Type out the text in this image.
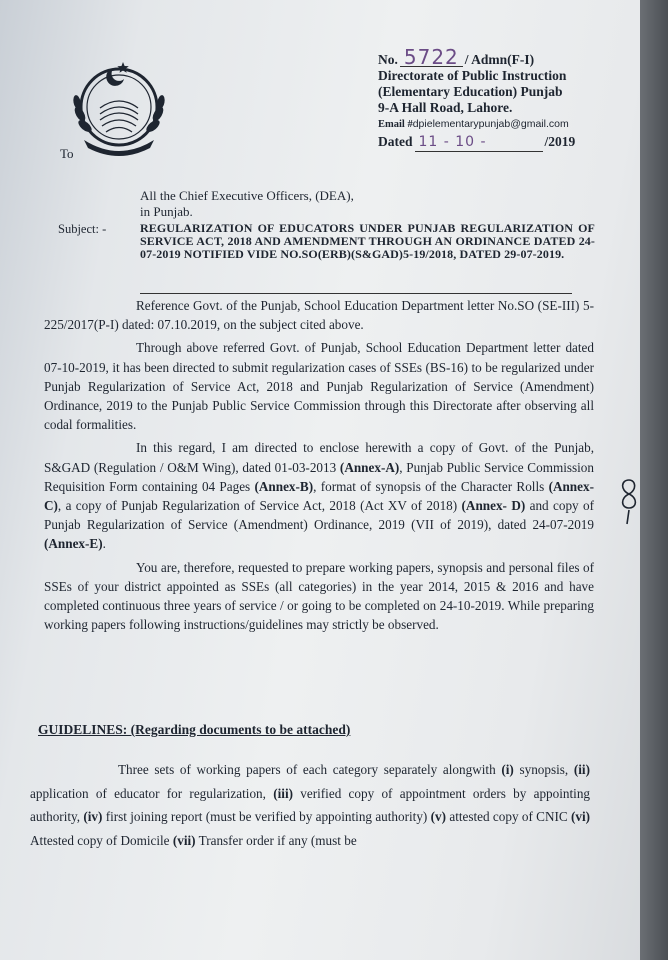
No. 5722 / Admn(F-I)
Directorate of Public Instruction
(Elementary Education) Punjab
9-A Hall Road, Lahore.
Email #dpielementarypunjab@gmail.com
Dated 11 - 10 -	/2019
To
All the Chief Executive Officers, (DEA),
in Punjab.
Subject: -	REGULARIZATION OF EDUCATORS UNDER PUNJAB REGULARIZATION OF SERVICE ACT, 2018 AND AMENDMENT THROUGH AN ORDINANCE DATED 24-07-2019 NOTIFIED VIDE NO.SO(ERB)(S&GAD)5-19/2018, DATED 29-07-2019.

Reference Govt. of the Punjab, School Education Department letter No.SO (SE-III) 5-225/2017(P-I) dated: 07.10.2019, on the subject cited above.

Through above referred Govt. of Punjab, School Education Department letter dated 07-10-2019, it has been directed to submit regularization cases of SSEs (BS-16) to be regularized under Punjab Regularization of Service Act, 2018 and Punjab Regularization of Service (Amendment) Ordinance, 2019 to the Punjab Public Service Commission through this Directorate after observing all codal formalities.

In this regard, I am directed to enclose herewith a copy of Govt. of the Punjab, S&GAD (Regulation / O&M Wing), dated 01-03-2013 (Annex-A), Punjab Public Service Commission Requisition Form containing 04 Pages (Annex-B), format of synopsis of the Character Rolls (Annex-C), a copy of Punjab Regularization of Service Act, 2018 (Act XV of 2018) (Annex- D) and copy of Punjab Regularization of Service (Amendment) Ordinance, 2019 (VII of 2019), dated 24-07-2019 (Annex-E).

You are, therefore, requested to prepare working papers, synopsis and personal files of SSEs of your district appointed as SSEs (all categories) in the year 2014, 2015 & 2016 and have completed continuous three years of service / or going to be completed on 24-10-2019. While preparing working papers following instructions/guidelines may strictly be observed.

GUIDELINES: (Regarding documents to be attached)

Three sets of working papers of each category separately alongwith (i) synopsis, (ii) application of educator for regularization, (iii) verified copy of appointment orders by appointing authority, (iv) first joining report (must be verified by appointing authority) (v) attested copy of CNIC (vi) Attested copy of Domicile (vii) Transfer order if any (must be
